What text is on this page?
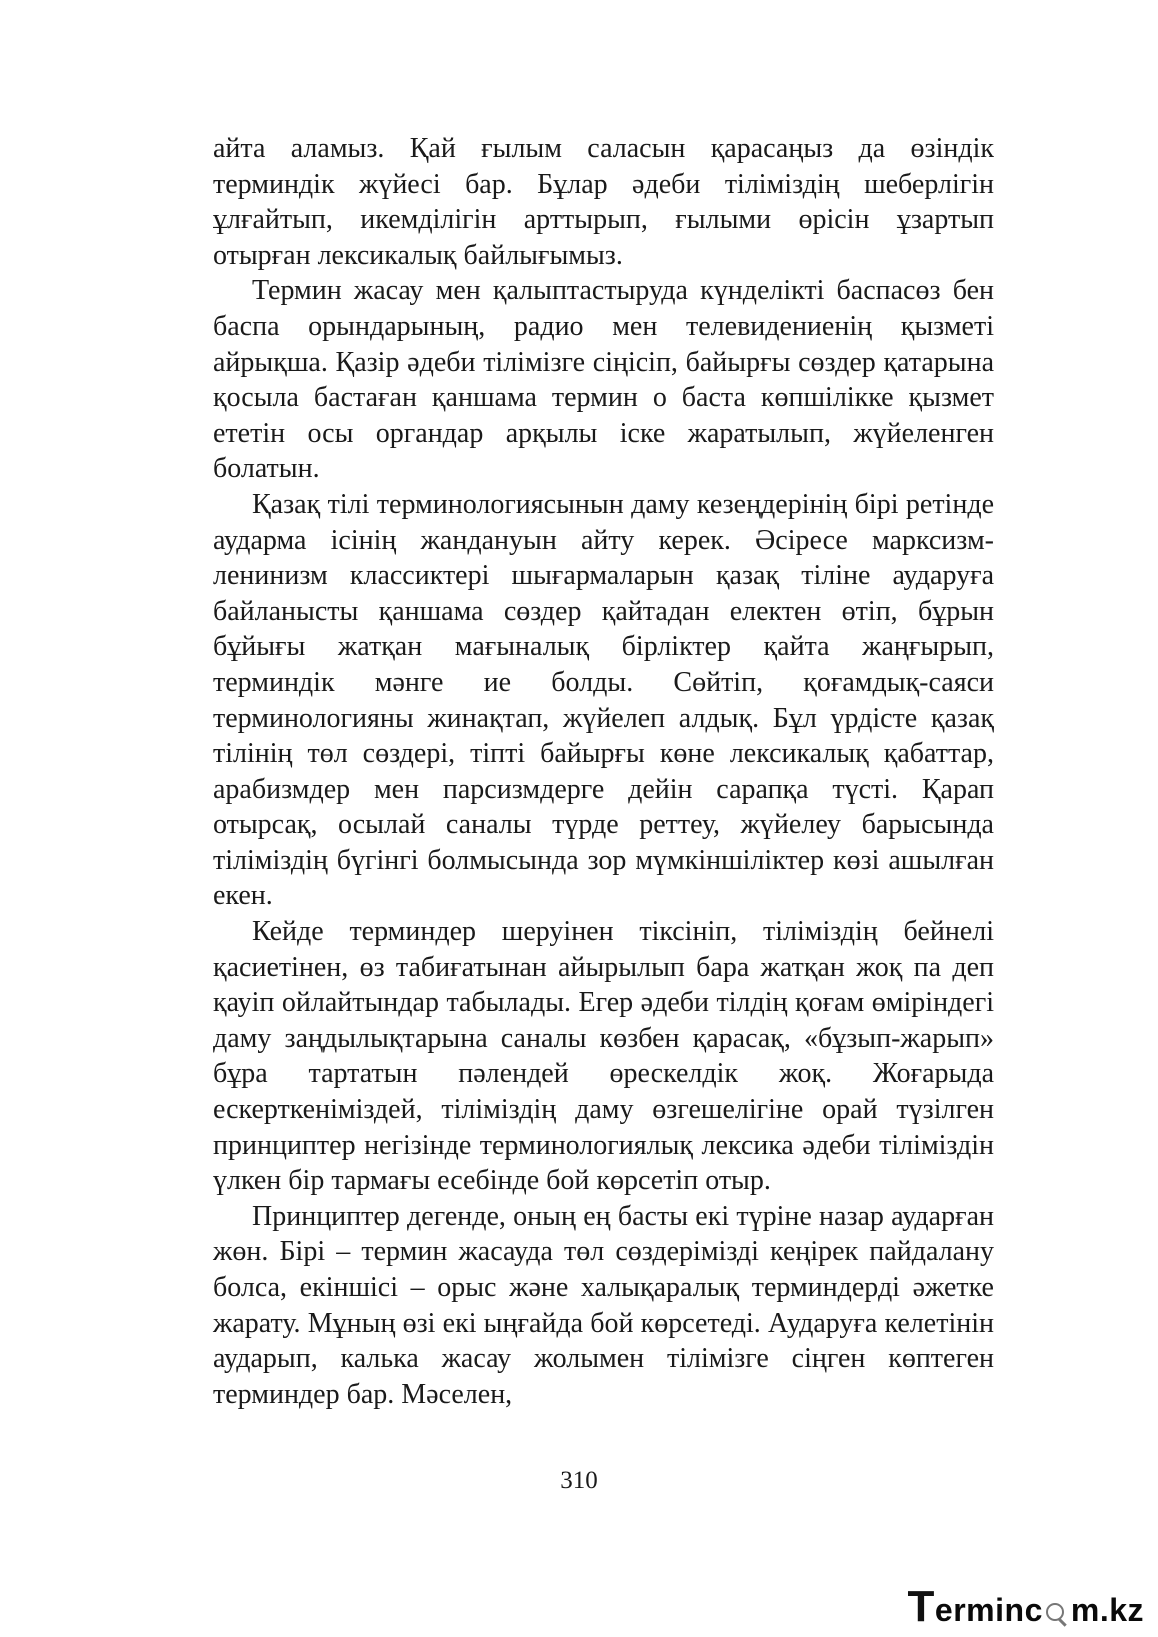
айта аламыз. Қай ғылым саласын қарасаңыз да өзіндік терминдік жүйесі бар. Бұлар әдеби тіліміздің шеберлігін ұлғайтып, икемділігін арттырып, ғылыми өрісін ұзартып отырған лексикалық байлығымыз.

Термин жасау мен қалыптастыруда күнделікті баспасөз бен баспа орындарының, радио мен телевидениенің қызметі айрықша. Қазір әдеби тілімізге сіңісіп, байырғы сөздер қатарына қосыла бастаған қаншама термин о баста көпшілікке қызмет ететін осы органдар арқылы іске жаратылып, жүйеленген болатын.

Қазақ тілі терминологиясынын даму кезеңдерінің бірі ретінде аударма ісінің жандануын айту керек. Әсіресе марксизм-ленинизм классиктері шығармаларын қазақ тіліне аударуға байланысты қаншама сөздер қайтадан електен өтіп, бұрын бұйығы жатқан мағыналық бірліктер қайта жаңғырып, терминдік мәнге ие болды. Сөйтіп, қоғамдық-саяси терминологияны жинақтап, жүйелеп алдық. Бұл үрдісте қазақ тілінің төл сөздері, тіпті байырғы көне лексикалық қабаттар, арабизмдер мен парсизмдерге дейін сарапқа түсті. Қарап отырсақ, осылай саналы түрде реттеу, жүйелеу барысында тіліміздің бүгінгі болмысында зор мүмкіншіліктер көзі ашылған екен.

Кейде терминдер шеруінен тіксініп, тіліміздің бейнелі қасиетінен, өз табиғатынан айырылып бара жатқан жоқ па деп қауіп ойлайтындар табылады. Егер әдеби тілдің қоғам өміріндегі даму заңдылықтарына саналы көзбен қарасақ, «бұзып-жарып» бұра тартатын пәлендей өрескелдік жоқ. Жоғарыда ескерткеніміздей, тіліміздің даму өзгешелігіне орай түзілген принциптер негізінде терминологиялық лексика әдеби тіліміздін үлкен бір тармағы есебінде бой көрсетіп отыр.

Принциптер дегенде, оның ең басты екі түріне назар аударған жөн. Бірі – термин жасауда төл сөздерімізді кеңірек пайдалану болса, екіншісі – орыс және халықаралық терминдерді әжетке жарату. Мұның өзі екі ыңғайда бой көрсетеді. Аударуға келетінін аударып, калька жасау жолымен тілімізге сіңген көптеген терминдер бар. Мәселен,

310
T erminc m.kz
